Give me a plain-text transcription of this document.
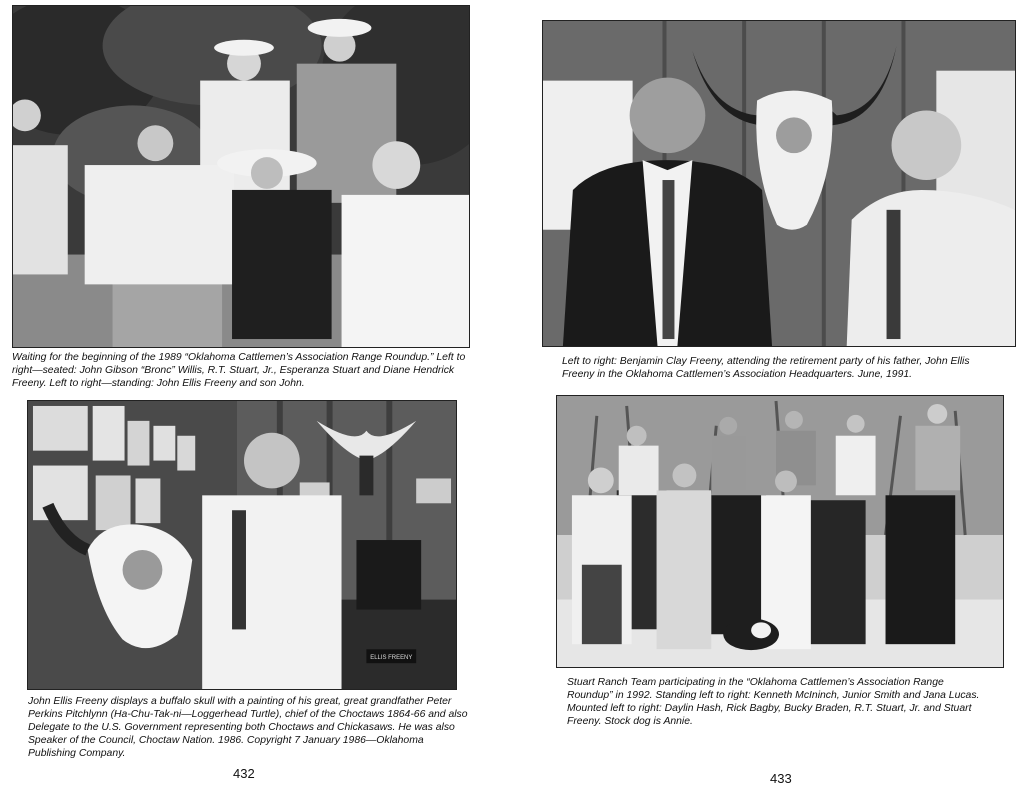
Waiting for the beginning of the 1989 “Oklahoma Cattlemen’s Association Range Roundup.” Left to right—seated: John Gibson “Bronc” Willis, R.T. Stuart, Jr., Esperanza Stuart and Diane Hendrick Freeny. Left to right—standing: John Ellis Freeny and son John.

ELLIS FREENY

John Ellis Freeny displays a buffalo skull with a painting of his great, great grandfather Peter Perkins Pitchlynn (Ha-Chu-Tak-ni—Loggerhead Turtle), chief of the Choctaws 1864-66 and also Delegate to the U.S. Government representing both Choctaws and Chickasaws. He was also Speaker of the Council, Choctaw Nation. 1986. Copyright 7 January 1986—Oklahoma Publishing Company.

432

Left to right: Benjamin Clay Freeny, attending the retirement party of his father, John Ellis Freeny in the Oklahoma Cattlemen’s Association Headquarters. June, 1991.

Stuart Ranch Team participating in the “Oklahoma Cattlemen’s Association Range Roundup” in 1992. Standing left to right: Kenneth McIninch, Junior Smith and Jana Lucas. Mounted left to right: Daylin Hash, Rick Bagby, Bucky Braden, R.T. Stuart, Jr. and Stuart Freeny. Stock dog is Annie.

433
